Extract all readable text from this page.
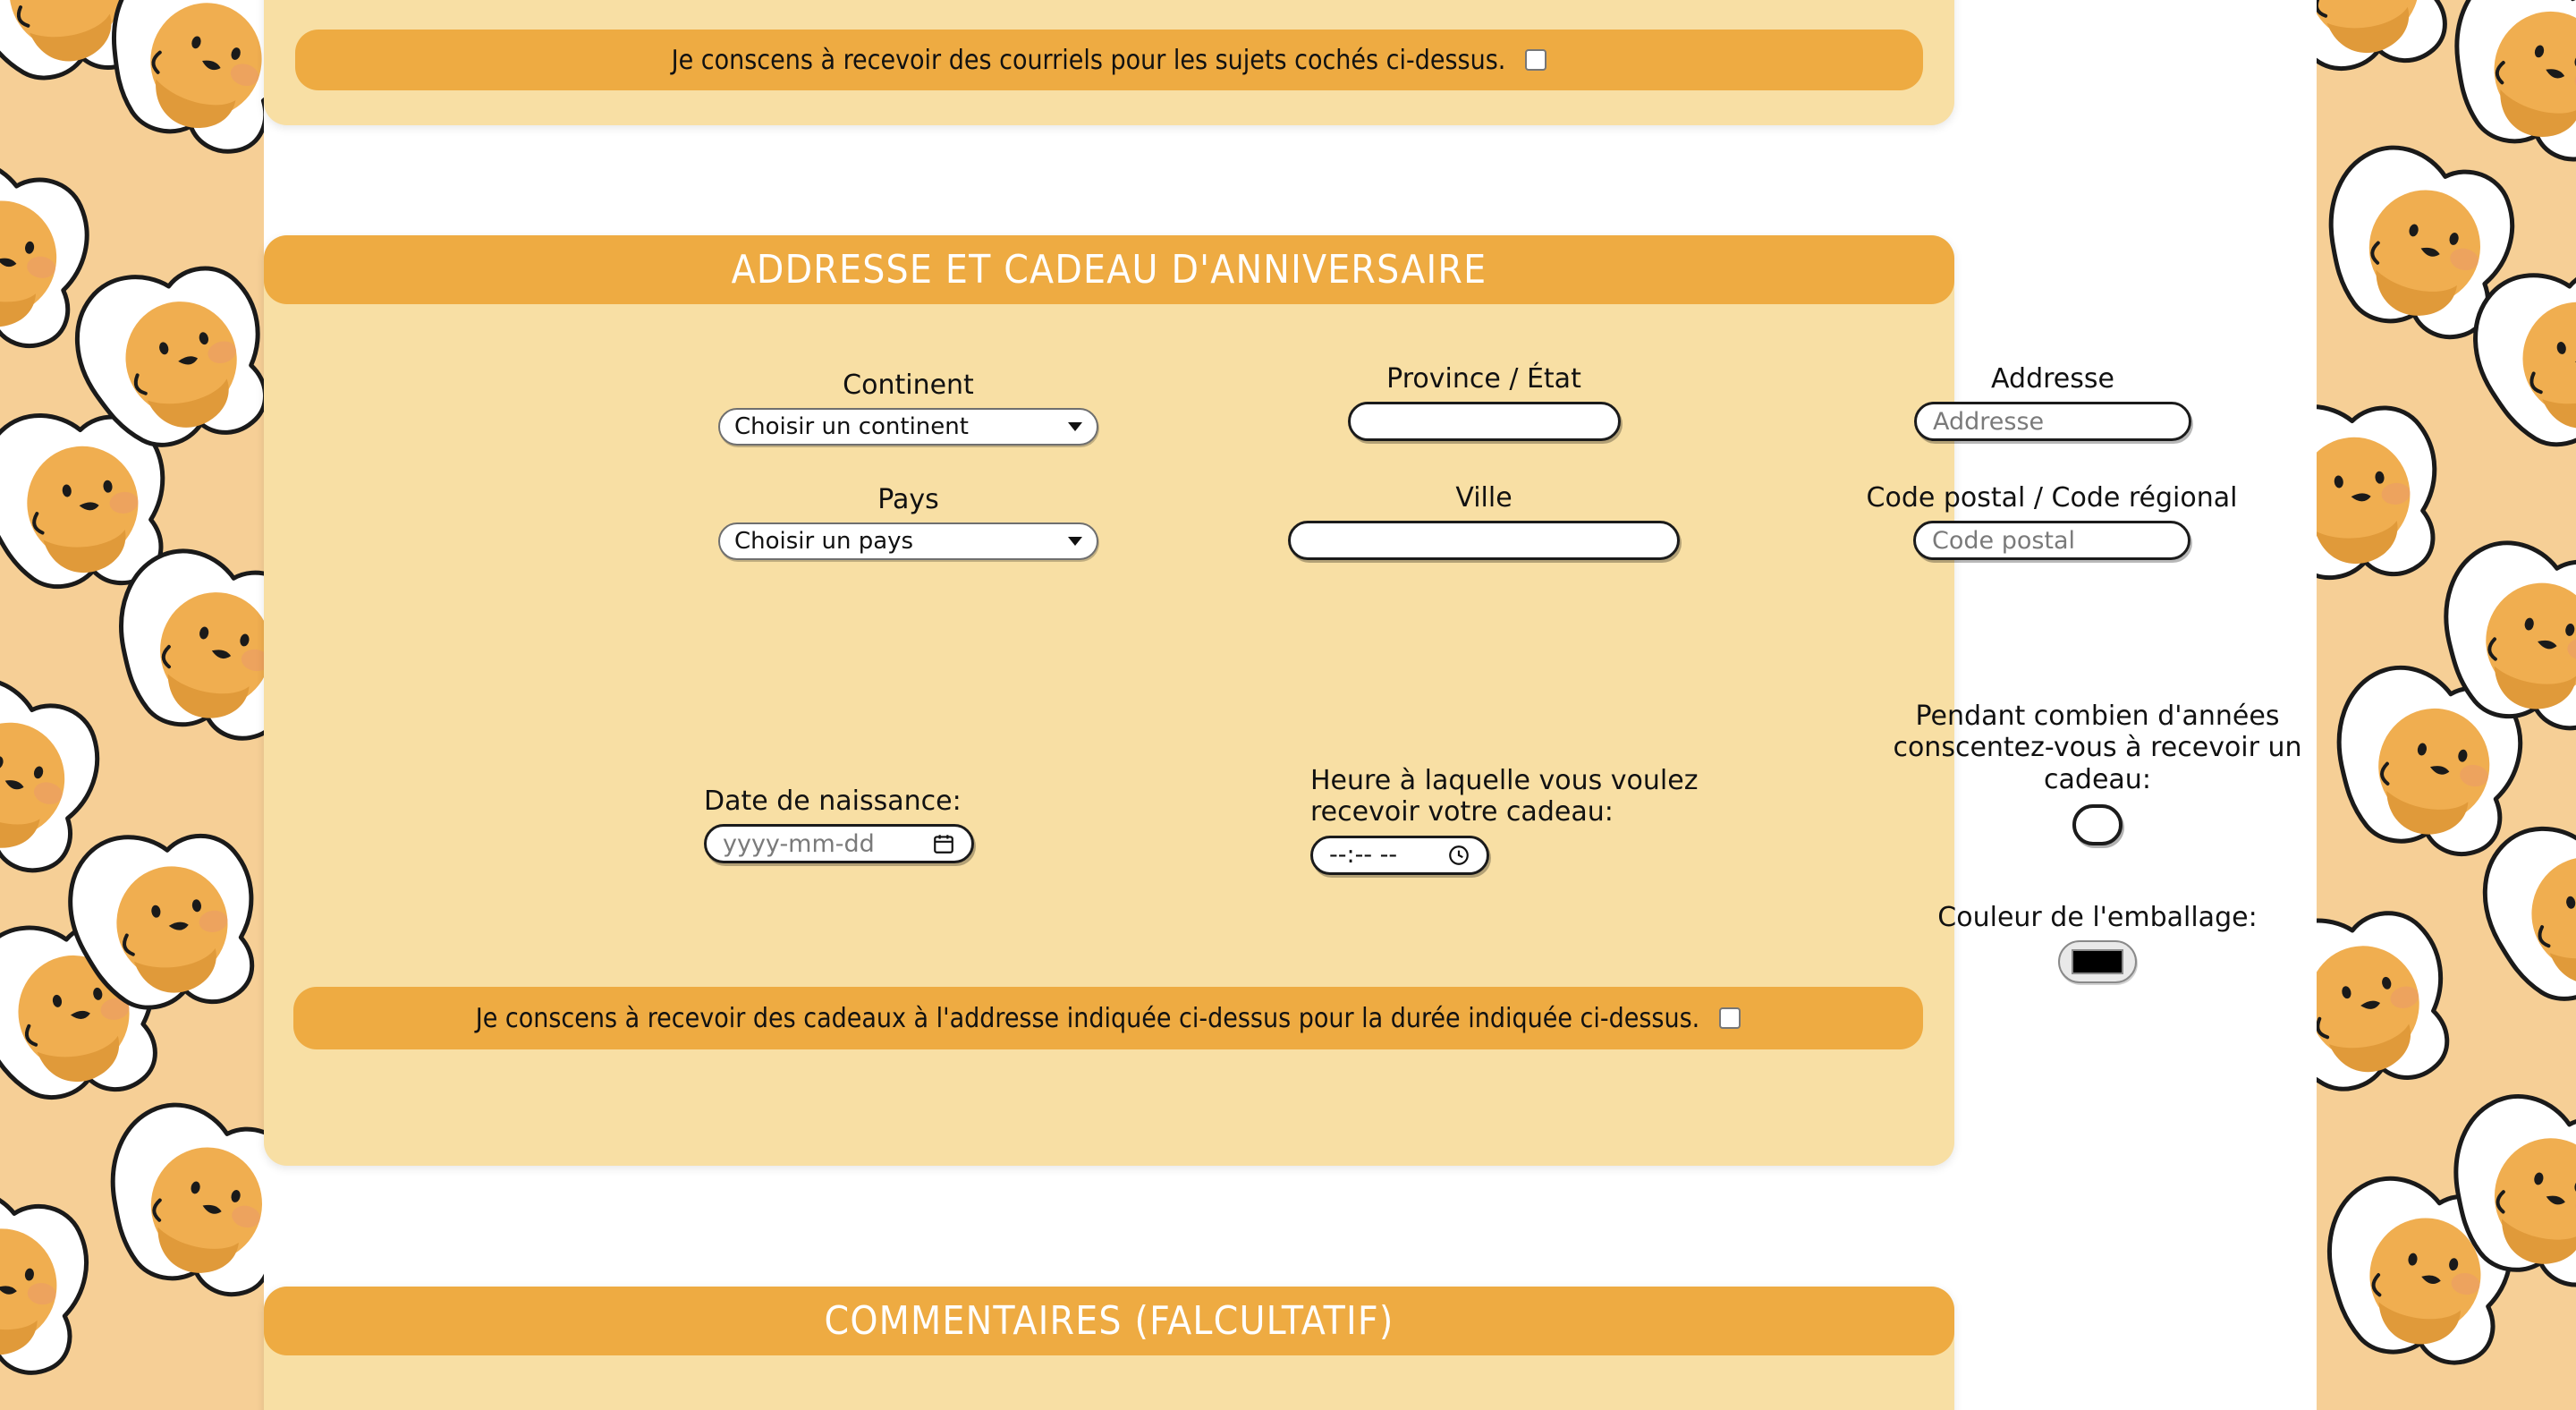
Je conscens à recevoir des courriels pour les sujets cochés ci-dessus.
ADDRESSE ET CADEAU D'ANNIVERSAIRE
Continent
Choisir un continent
Pays
Choisir un pays
Province / État
Ville
Addresse
Addresse
Code postal / Code régional
Code postal
Date de naissance:
yyyy-mm-dd
Heure à laquelle vous voulez recevoir votre cadeau:
--:-- --
Pendant combien d'années conscentez-vous à recevoir un cadeau:
Couleur de l'emballage:
Je conscens à recevoir des cadeaux à l'addresse indiquée ci-dessus pour la durée indiquée ci-dessus.
COMMENTAIRES (FALCULTATIF)
